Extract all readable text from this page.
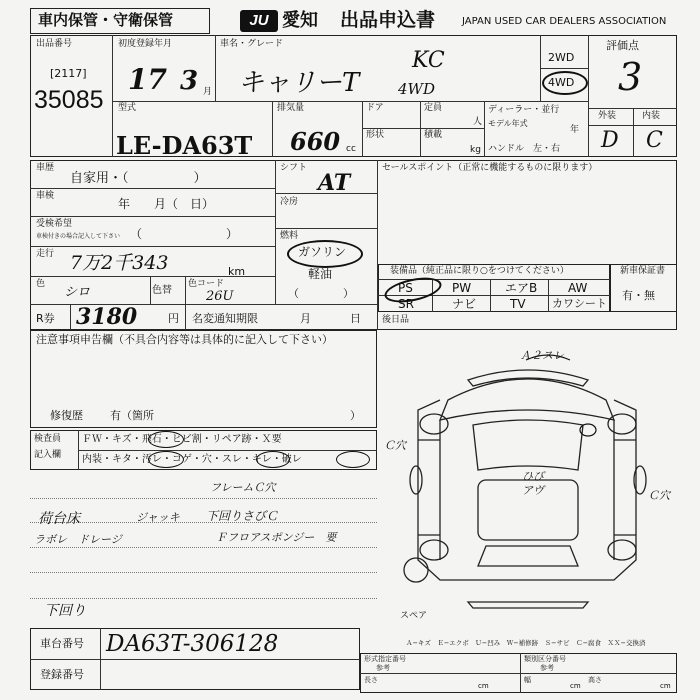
車内保管・守衛保管	JU 愛知 出品申込書	JAPAN USED CAR DEALERS ASSOCIATION
出品番号
[2117]
35085
初度登録年月
17 3 月
車名・グレード
キャリーT
KC
4WD
2WD
4WD
評価点
3
型式
LE-DA63T
排気量
660 cc
ドア	定員
人
形状	積載
kg
ディーラー・並行
モデル年式
年
ハンドル　左・右
外装	内装
D C
車歴
自家用・（　　　　　）
車検
年　　月（　日）
受検希望
車検付きの場合記入して下さい （　　　　　　　）
走行 7万2千343	km
色
シロ	色替
色コード
26U
シフト
AT
冷房
燃料
ガソリン
軽油
（　　　　）
R券 3180	円 名変通知期限	月	日
セールスポイント（正常に機能するものに限ります）
装備品（純正品に限り○をつけてください）
PS	PW	エアB	AW
SR	ナビ	TV カワシート
新車保証書
有・無
後日品
注意事項申告欄（不具合内容等は具体的に記入して下さい）
修復歴 有（箇所	）
検査員
記入欄
ＦＷ・キズ・飛石・ヒビ割・リペア跡・Ｘ要
内装・キタ・汚レ・コゲ・穴・スレ・キレ・破レ
フレームＣ穴
荷台床
ラボレ　ドレージ
ジャッキ 下回りさびＣ
Ｆフロアスポンジー　要
下回り
車台番号 DA63T-306128
登録番号
Ａ２スレ
ひび
アヴ
Ｃ穴
Ｃ穴
スペア
Ａ−キズ　Ｅ−エクボ　Ｕ−凹み　Ｗ−補修跡　Ｓ−サビ　Ｃ−腐食　ＸＸ−交換済
形式指定番号
参考
類別区分番号
参考
長さ
cm
幅
cm
高さ
cm
